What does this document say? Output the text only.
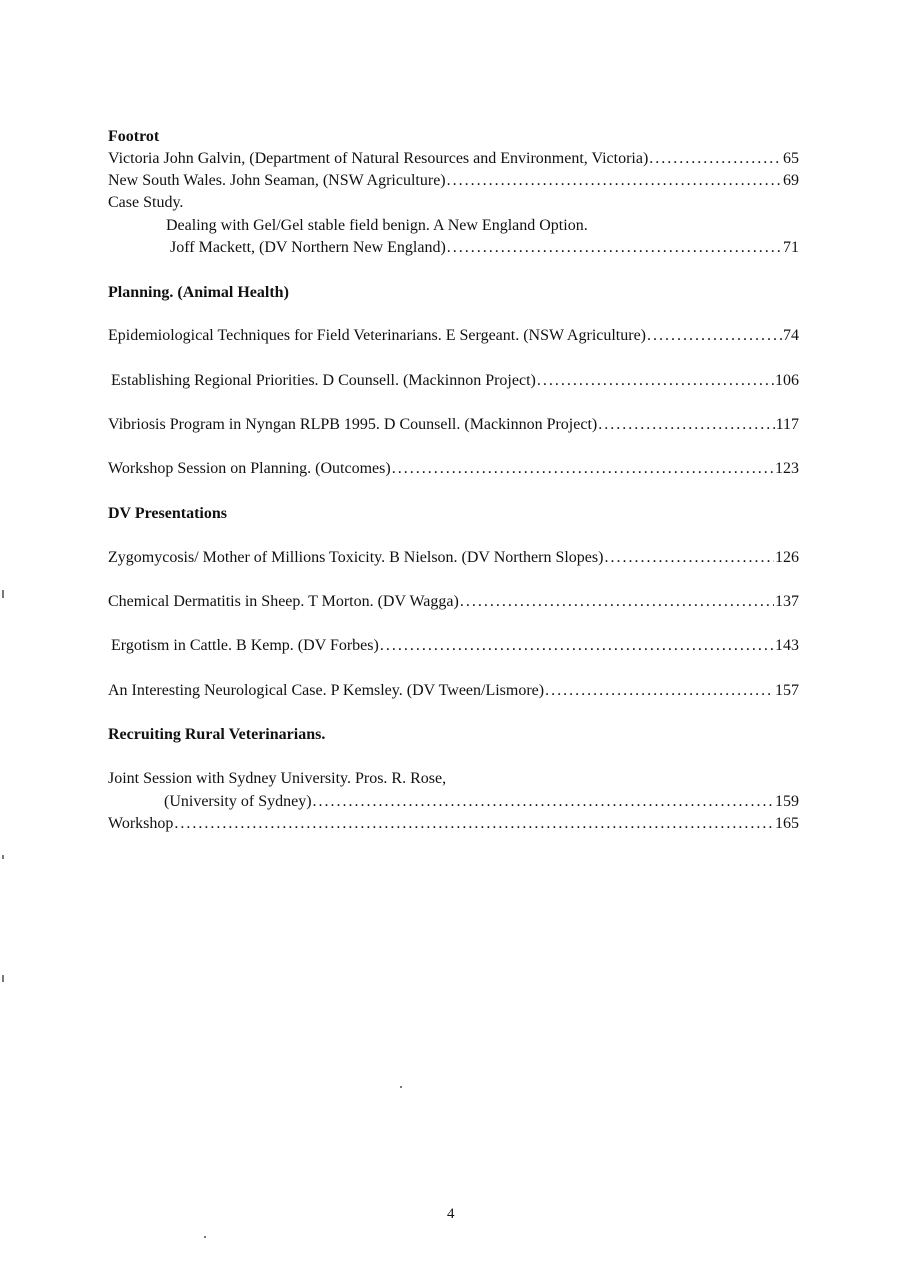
Footrot
Victoria John Galvin, (Department of Natural Resources and Environment, Victoria) . . .	65
New South Wales. John Seaman, (NSW Agriculture) . . .	69
Case Study.
Dealing with Gel/Gel stable field benign. A New England Option.
Joff Mackett, (DV Northern New England) . . .	71
Planning. (Animal Health)
Epidemiological Techniques for Field Veterinarians. E Sergeant. (NSW Agriculture) . . .	74
Establishing Regional Priorities. D Counsell. (Mackinnon Project) . . .	106
Vibriosis Program in Nyngan RLPB 1995. D Counsell. (Mackinnon Project) . . .	117
Workshop Session on Planning. (Outcomes) . . .	123
DV Presentations
Zygomycosis/ Mother of Millions Toxicity. B Nielson. (DV Northern Slopes) . . .	126
Chemical Dermatitis in Sheep. T Morton. (DV Wagga) . . .	137
Ergotism in Cattle. B Kemp. (DV Forbes) . . .	143
An Interesting Neurological Case. P Kemsley. (DV Tween/Lismore) . . .	157
Recruiting Rural Veterinarians.
Joint Session with Sydney University. Pros. R. Rose,
(University of Sydney) . . .	159
Workshop . . .	165
4
